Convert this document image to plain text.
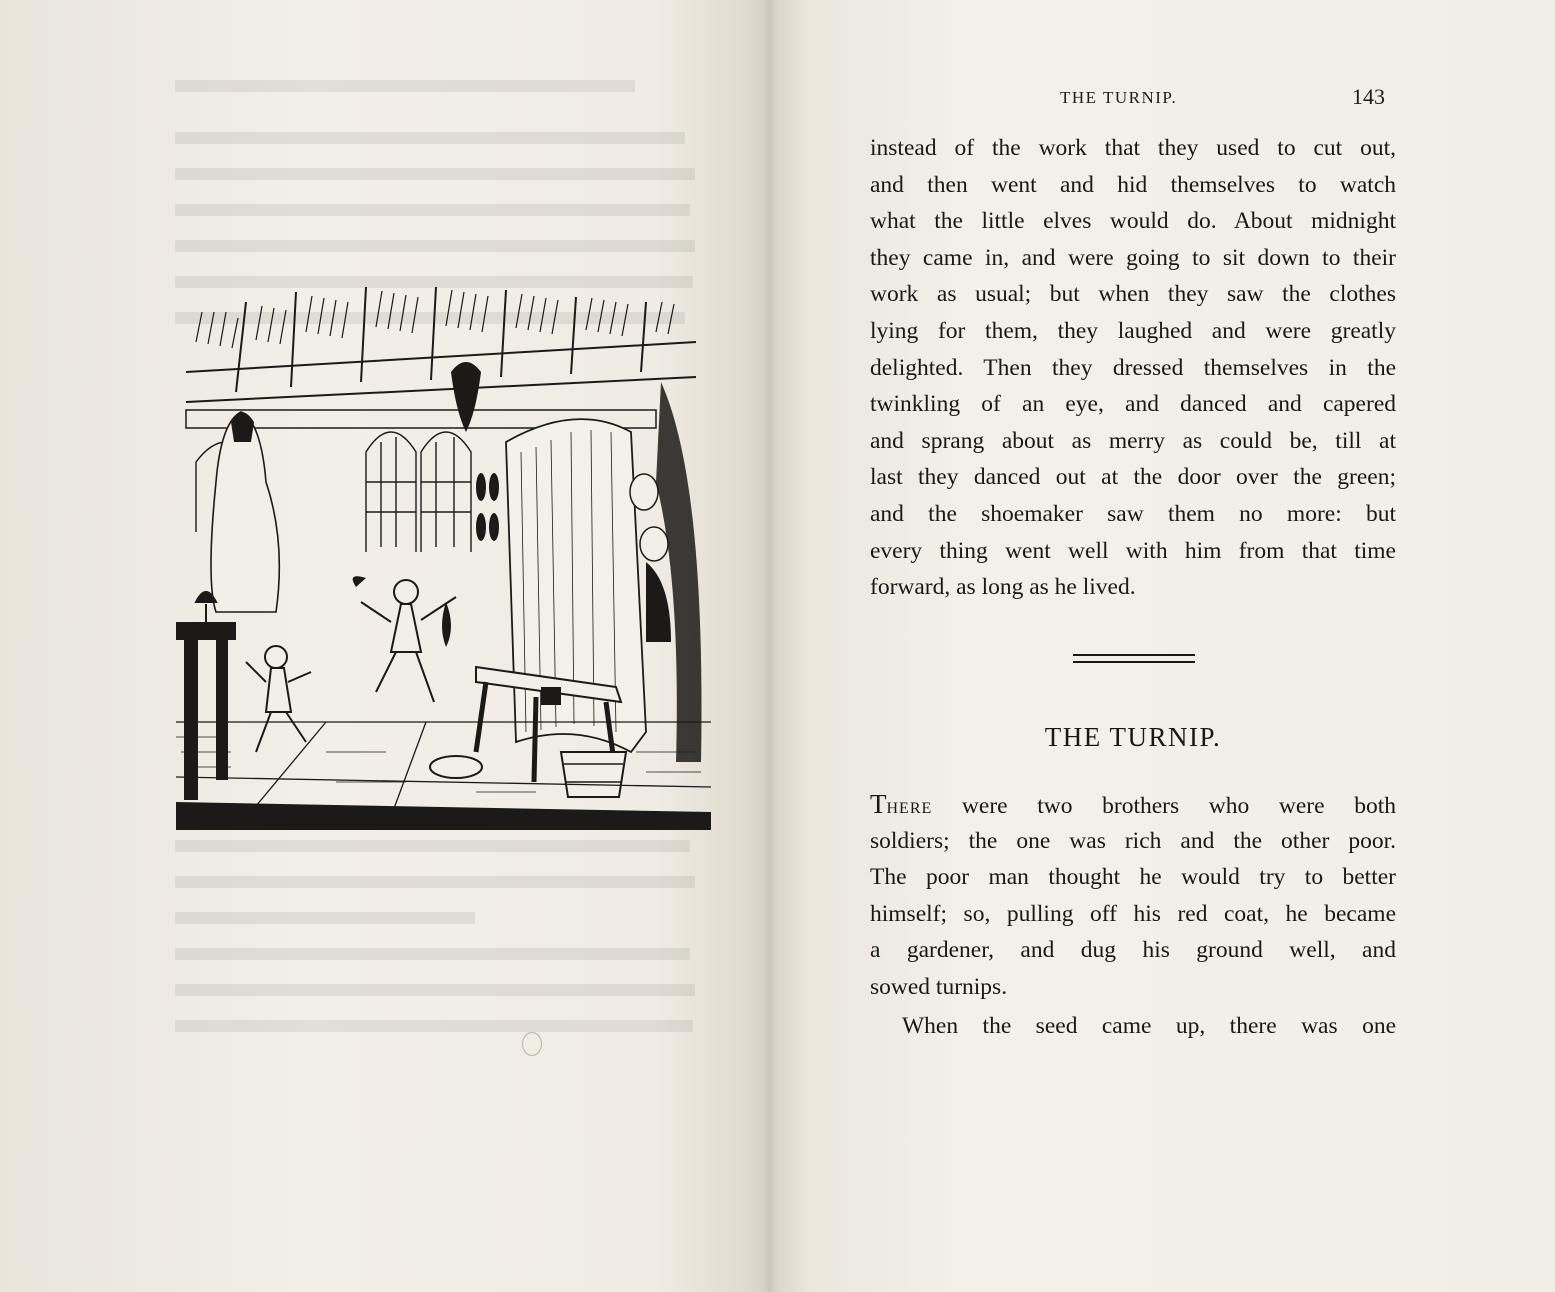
THE TURNIP.	143
instead of the work that they used to cut out,
and then went and hid themselves to watch
what the little elves would do. About midnight
they came in, and were going to sit down to their
work as usual; but when they saw the clothes
lying for them, they laughed and were greatly
delighted. Then they dressed themselves in the
twinkling of an eye, and danced and capered
and sprang about as merry as could be, till at
last they danced out at the door over the green;
and the shoemaker saw them no more: but
every thing went well with him from that time
forward, as long as he lived.
THE TURNIP.
There were two brothers who were both
soldiers; the one was rich and the other poor.
The poor man thought he would try to better
himself; so, pulling off his red coat, he became
a gardener, and dug his ground well, and
sowed turnips.
When the seed came up, there was one
